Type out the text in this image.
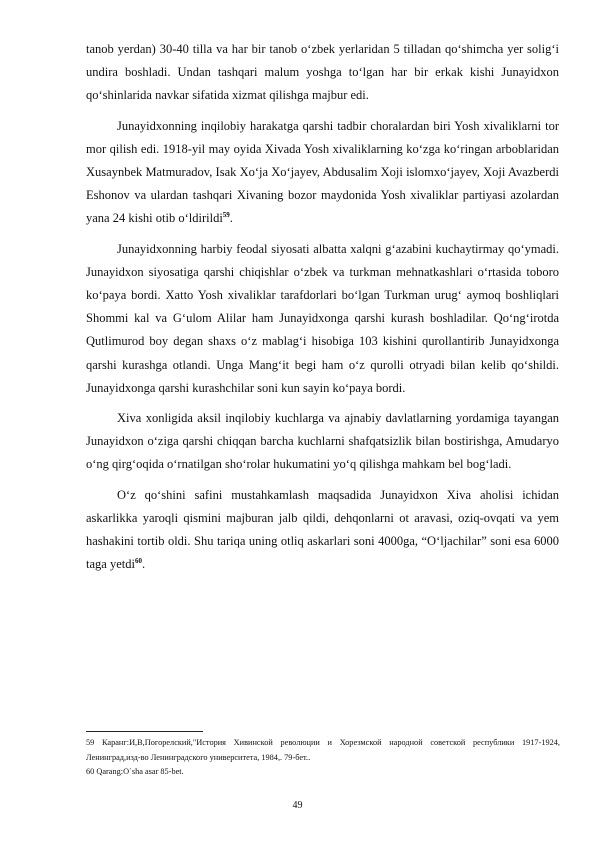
tanob yerdan) 30-40 tilla va har bir tanob o‘zbek yerlaridan 5 tilladan qo‘shimcha yer solig‘i undira boshladi. Undan tashqari malum yoshga to‘lgan har bir erkak kishi Junayidxon qo‘shinlarida navkar sifatida xizmat qilishga majbur edi.

Junayidxonning inqilobiy harakatga qarshi tadbir choralardan biri Yosh xivaliklarni tor mor qilish edi. 1918-yil may oyida Xivada Yosh xivaliklarning ko‘zga ko‘ringan arboblaridan Xusaynbek Matmuradov, Isak Xo‘ja Xo‘jayev, Abdusalim Xoji islomxo‘jayev, Xoji Avazberdi Eshonov va ulardan tashqari Xivaning bozor maydonida Yosh xivaliklar partiyasi azolardan yana 24 kishi otib o‘ldirildi$^{59}$.

Junayidxonning harbiy feodal siyosati albatta xalqni g‘azabini kuchaytirmay qo‘ymadi. Junayidxon siyosatiga qarshi chiqishlar o‘zbek va turkman mehnatkashlari o‘rtasida toboro ko‘paya bordi. Xatto Yosh xivaliklar tarafdorlari bo‘lgan Turkman urug‘ aymoq boshliqlari Shommi kal va G‘ulom Alilar ham Junayidxonga qarshi kurash boshladilar. Qo‘ng‘irotda Qutlimurod boy degan shaxs o‘z mablag‘i hisobiga 103 kishini qurollantirib Junayidxonga qarshi kurashga otlandi. Unga Mang‘it begi ham o‘z qurolli otryadi bilan kelib qo‘shildi. Junayidxonga qarshi kurashchilar soni kun sayin ko‘paya bordi.

Xiva xonligida aksil inqilobiy kuchlarga va ajnabiy davlatlarning yordamiga tayangan Junayidxon o‘ziga qarshi chiqqan barcha kuchlarni shafqatsizlik bilan bostirishga, Amudaryo o‘ng qirg‘oqida o‘rnatilgan sho‘rolar hukumatini yo‘q qilishga mahkam bel bog‘ladi.

O‘z qo‘shini safini mustahkamlash maqsadida Junayidxon Xiva aholisi ichidan askarlikka yaroqli qismini majburan jalb qildi, dehqonlarni ot aravasi, oziq-ovqati va yem hashakini tortib oldi. Shu tariqa uning otliq askarlari soni 4000ga, “O‘ljachilar” soni esa 6000 taga yetdi$^{60}$.

59 Каранг:И,В,Погорелский,"История Хивинской революции и Хорезмской народной советской республики 1917-1924, Ленинград,изд-во Ленинградского университета, 1984,. 79-бет..

60 Qarang:O`sha asar 85-bet.

49
